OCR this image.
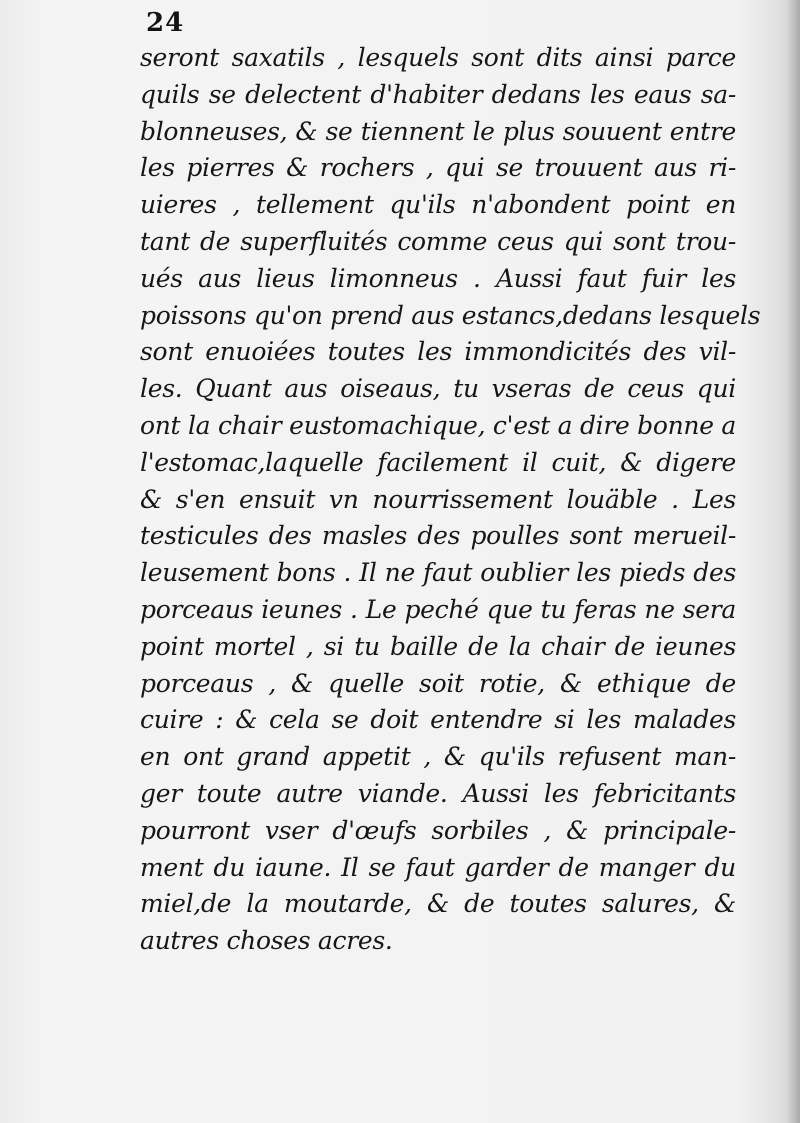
24
seront saxatils , lesquels sont dits ainsi parce
quils se delectent d'habiter dedans les eaus sa-
blonneuses, & se tiennent le plus souuent entre
les pierres & rochers , qui se trouuent aus ri-
uieres , tellement qu'ils n'abondent point en
tant de superfluités comme ceus qui sont trou-
ués aus lieus limonneus . Aussi faut fuir les
poissons qu'on prend aus estancs,dedans lesquels
sont enuoiées toutes les immondicités des vil-
les. Quant aus oiseaus, tu vseras de ceus qui
ont la chair eustomachique, c'est a dire bonne a
l'estomac,laquelle facilement il cuit, & digere
& s'en ensuit vn nourrissement louäble . Les
testicules des masles des poulles sont merueil-
leusement bons . Il ne faut oublier les pieds des
porceaus ieunes . Le peché que tu feras ne sera
point mortel , si tu baille de la chair de ieunes
porceaus , & quelle soit rotie, & ethique de
cuire : & cela se doit entendre si les malades
en ont grand appetit , & qu'ils refusent man-
ger toute autre viande. Aussi les febricitants
pourront vser d'œufs sorbiles , & principale-
ment du iaune. Il se faut garder de manger du
miel,de la moutarde, & de toutes salures, &
autres choses acres.
